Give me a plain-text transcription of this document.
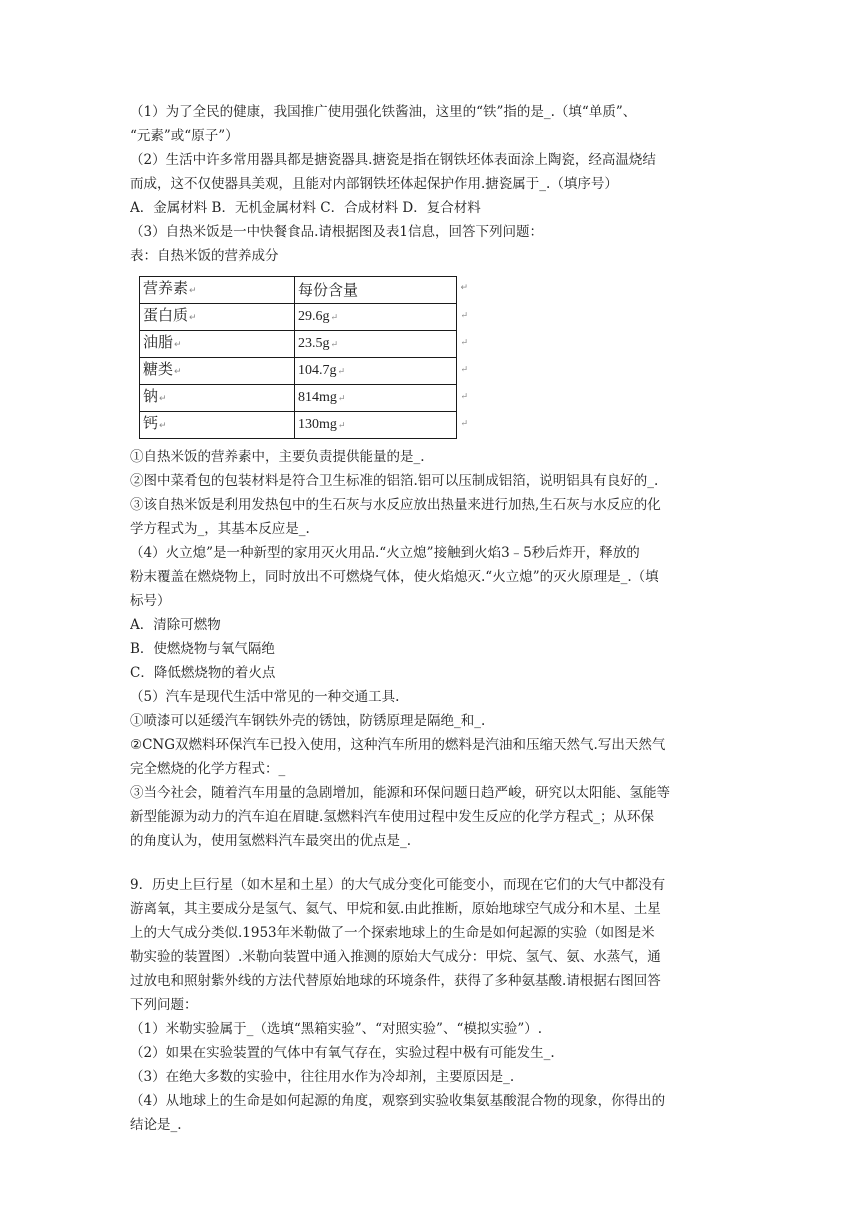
（1）为了全民的健康，我国推广使用强化铁酱油，这里的“铁”指的是_.（填“单质”、
“元素”或“原子”）
（2）生活中许多常用器具都是搪瓷器具.搪瓷是指在钢铁坯体表面涂上陶瓷，经高温烧结
而成，这不仅使器具美观，且能对内部钢铁坯体起保护作用.搪瓷属于_.（填序号）
A．金属材料 B．无机金属材料 C．合成材料 D．复合材料
（3）自热米饭是一中快餐食品.请根据图及表1信息，回答下列问题：
表：自热米饭的营养成分
营养素↵	每份含量 ↵

蛋白质↵	29.6g↵ ↵

油脂↵	23.5g↵ ↵

糖类↵	104.7g↵ ↵

钠↵	814mg↵ ↵

钙↵	130mg↵ ↵
①自热米饭的营养素中，主要负责提供能量的是_.
②图中菜肴包的包装材料是符合卫生标准的铝箔.铝可以压制成铝箔，说明铝具有良好的_.
③该自热米饭是利用发热包中的生石灰与水反应放出热量来进行加热,生石灰与水反应的化
学方程式为_，其基本反应是_.
（4）火立熄”是一种新型的家用灭火用品.“火立熄”接触到火焰3﹣5秒后炸开，释放的
粉末覆盖在燃烧物上，同时放出不可燃烧气体，使火焰熄灭.“火立熄”的灭火原理是_.（填
标号）
A．清除可燃物
B．使燃烧物与氧气隔绝
C．降低燃烧物的着火点
（5）汽车是现代生活中常见的一种交通工具.
①喷漆可以延缓汽车钢铁外壳的锈蚀，防锈原理是隔绝_和_.
②CNG双燃料环保汽车已投入使用，这种汽车所用的燃料是汽油和压缩天然气.写出天然气
完全燃烧的化学方程式：_
③当今社会，随着汽车用量的急剧增加，能源和环保问题日趋严峻，研究以太阳能、氢能等
新型能源为动力的汽车迫在眉睫.氢燃料汽车使用过程中发生反应的化学方程式_；从环保
的角度认为，使用氢燃料汽车最突出的优点是_.
9．历史上巨行星（如木星和土星）的大气成分变化可能变小，而现在它们的大气中都没有
游离氧，其主要成分是氢气、氦气、甲烷和氨.由此推断，原始地球空气成分和木星、土星
上的大气成分类似.1953年米勒做了一个探索地球上的生命是如何起源的实验（如图是米
勒实验的装置图）.米勒向装置中通入推测的原始大气成分：甲烷、氢气、氨、水蒸气，通
过放电和照射紫外线的方法代替原始地球的环境条件，获得了多种氨基酸.请根据右图回答
下列问题：
（1）米勒实验属于_（选填“黑箱实验”、“对照实验”、“模拟实验”）.
（2）如果在实验装置的气体中有氧气存在，实验过程中极有可能发生_.
（3）在绝大多数的实验中，往往用水作为冷却剂，主要原因是_.
（4）从地球上的生命是如何起源的角度，观察到实验收集氨基酸混合物的现象，你得出的
结论是_.
